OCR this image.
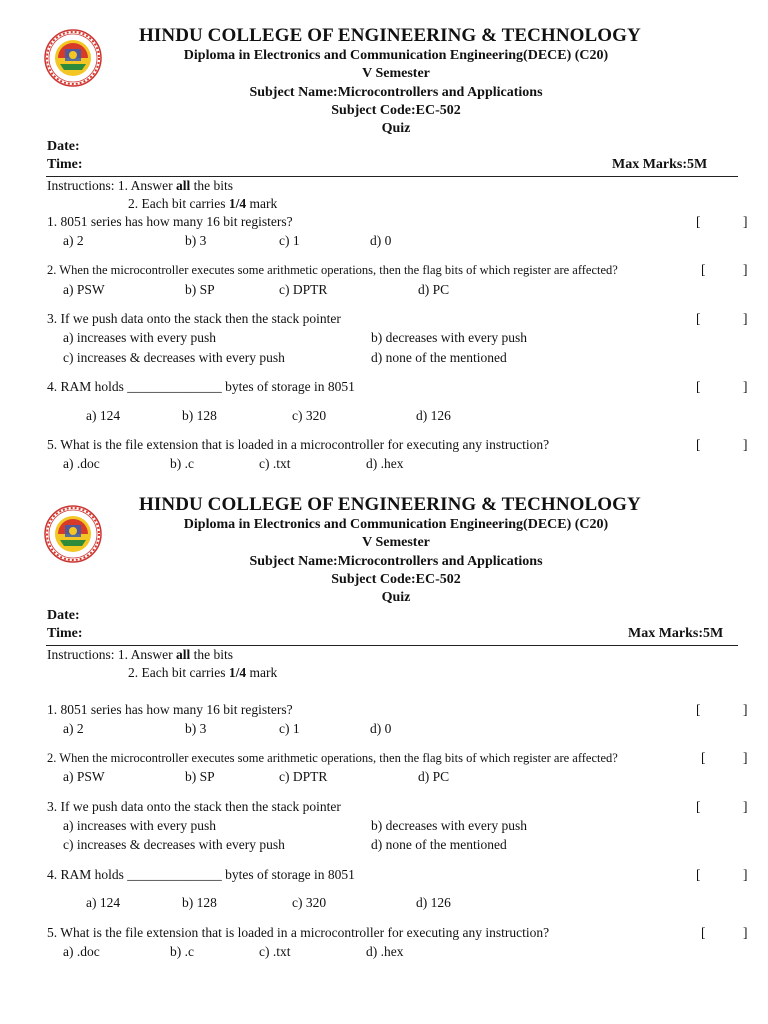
HINDU COLLEGE OF ENGINEERING & TECHNOLOGY
Diploma in Electronics and Communication Engineering(DECE) (C20)
V Semester
Subject Name:Microcontrollers and Applications
Subject Code:EC-502
Quiz
Date:
Time:	Max Marks:5M
Instructions: 1. Answer all the bits
2. Each bit carries 1/4 mark
1. 8051 series has how many 16 bit registers?	[	]
a) 2	b) 3	c) 1	d) 0
2. When the microcontroller executes some arithmetic operations, then the flag bits of which register are affected?	[	]
a) PSW	b) SP	c) DPTR	d) PC
3. If we push data onto the stack then the stack pointer	[	]
a) increases with every push	b) decreases with every push
c) increases & decreases with every push	d) none of the mentioned
4. RAM holds ______________ bytes of storage in 8051	[	]
a) 124	b) 128	c) 320	d) 126
5. What is the file extension that is loaded in a microcontroller for executing any instruction?	[	]
a) .doc	b) .c	c) .txt	d) .hex
HINDU COLLEGE OF ENGINEERING & TECHNOLOGY
Diploma in Electronics and Communication Engineering(DECE) (C20)
V Semester
Subject Name:Microcontrollers and Applications
Subject Code:EC-502
Quiz
Date:
Time:	Max Marks:5M
Instructions: 1. Answer all the bits
2. Each bit carries 1/4 mark
1. 8051 series has how many 16 bit registers?	[	]
a) 2	b) 3	c) 1	d) 0
2. When the microcontroller executes some arithmetic operations, then the flag bits of which register are affected?	[	]
a) PSW	b) SP	c) DPTR	d) PC
3. If we push data onto the stack then the stack pointer	[	]
a) increases with every push	b) decreases with every push
c) increases & decreases with every push	d) none of the mentioned
4. RAM holds ______________ bytes of storage in 8051	[	]
a) 124	b) 128	c) 320	d) 126
5. What is the file extension that is loaded in a microcontroller for executing any instruction?	[	]
a) .doc	b) .c	c) .txt	d) .hex
